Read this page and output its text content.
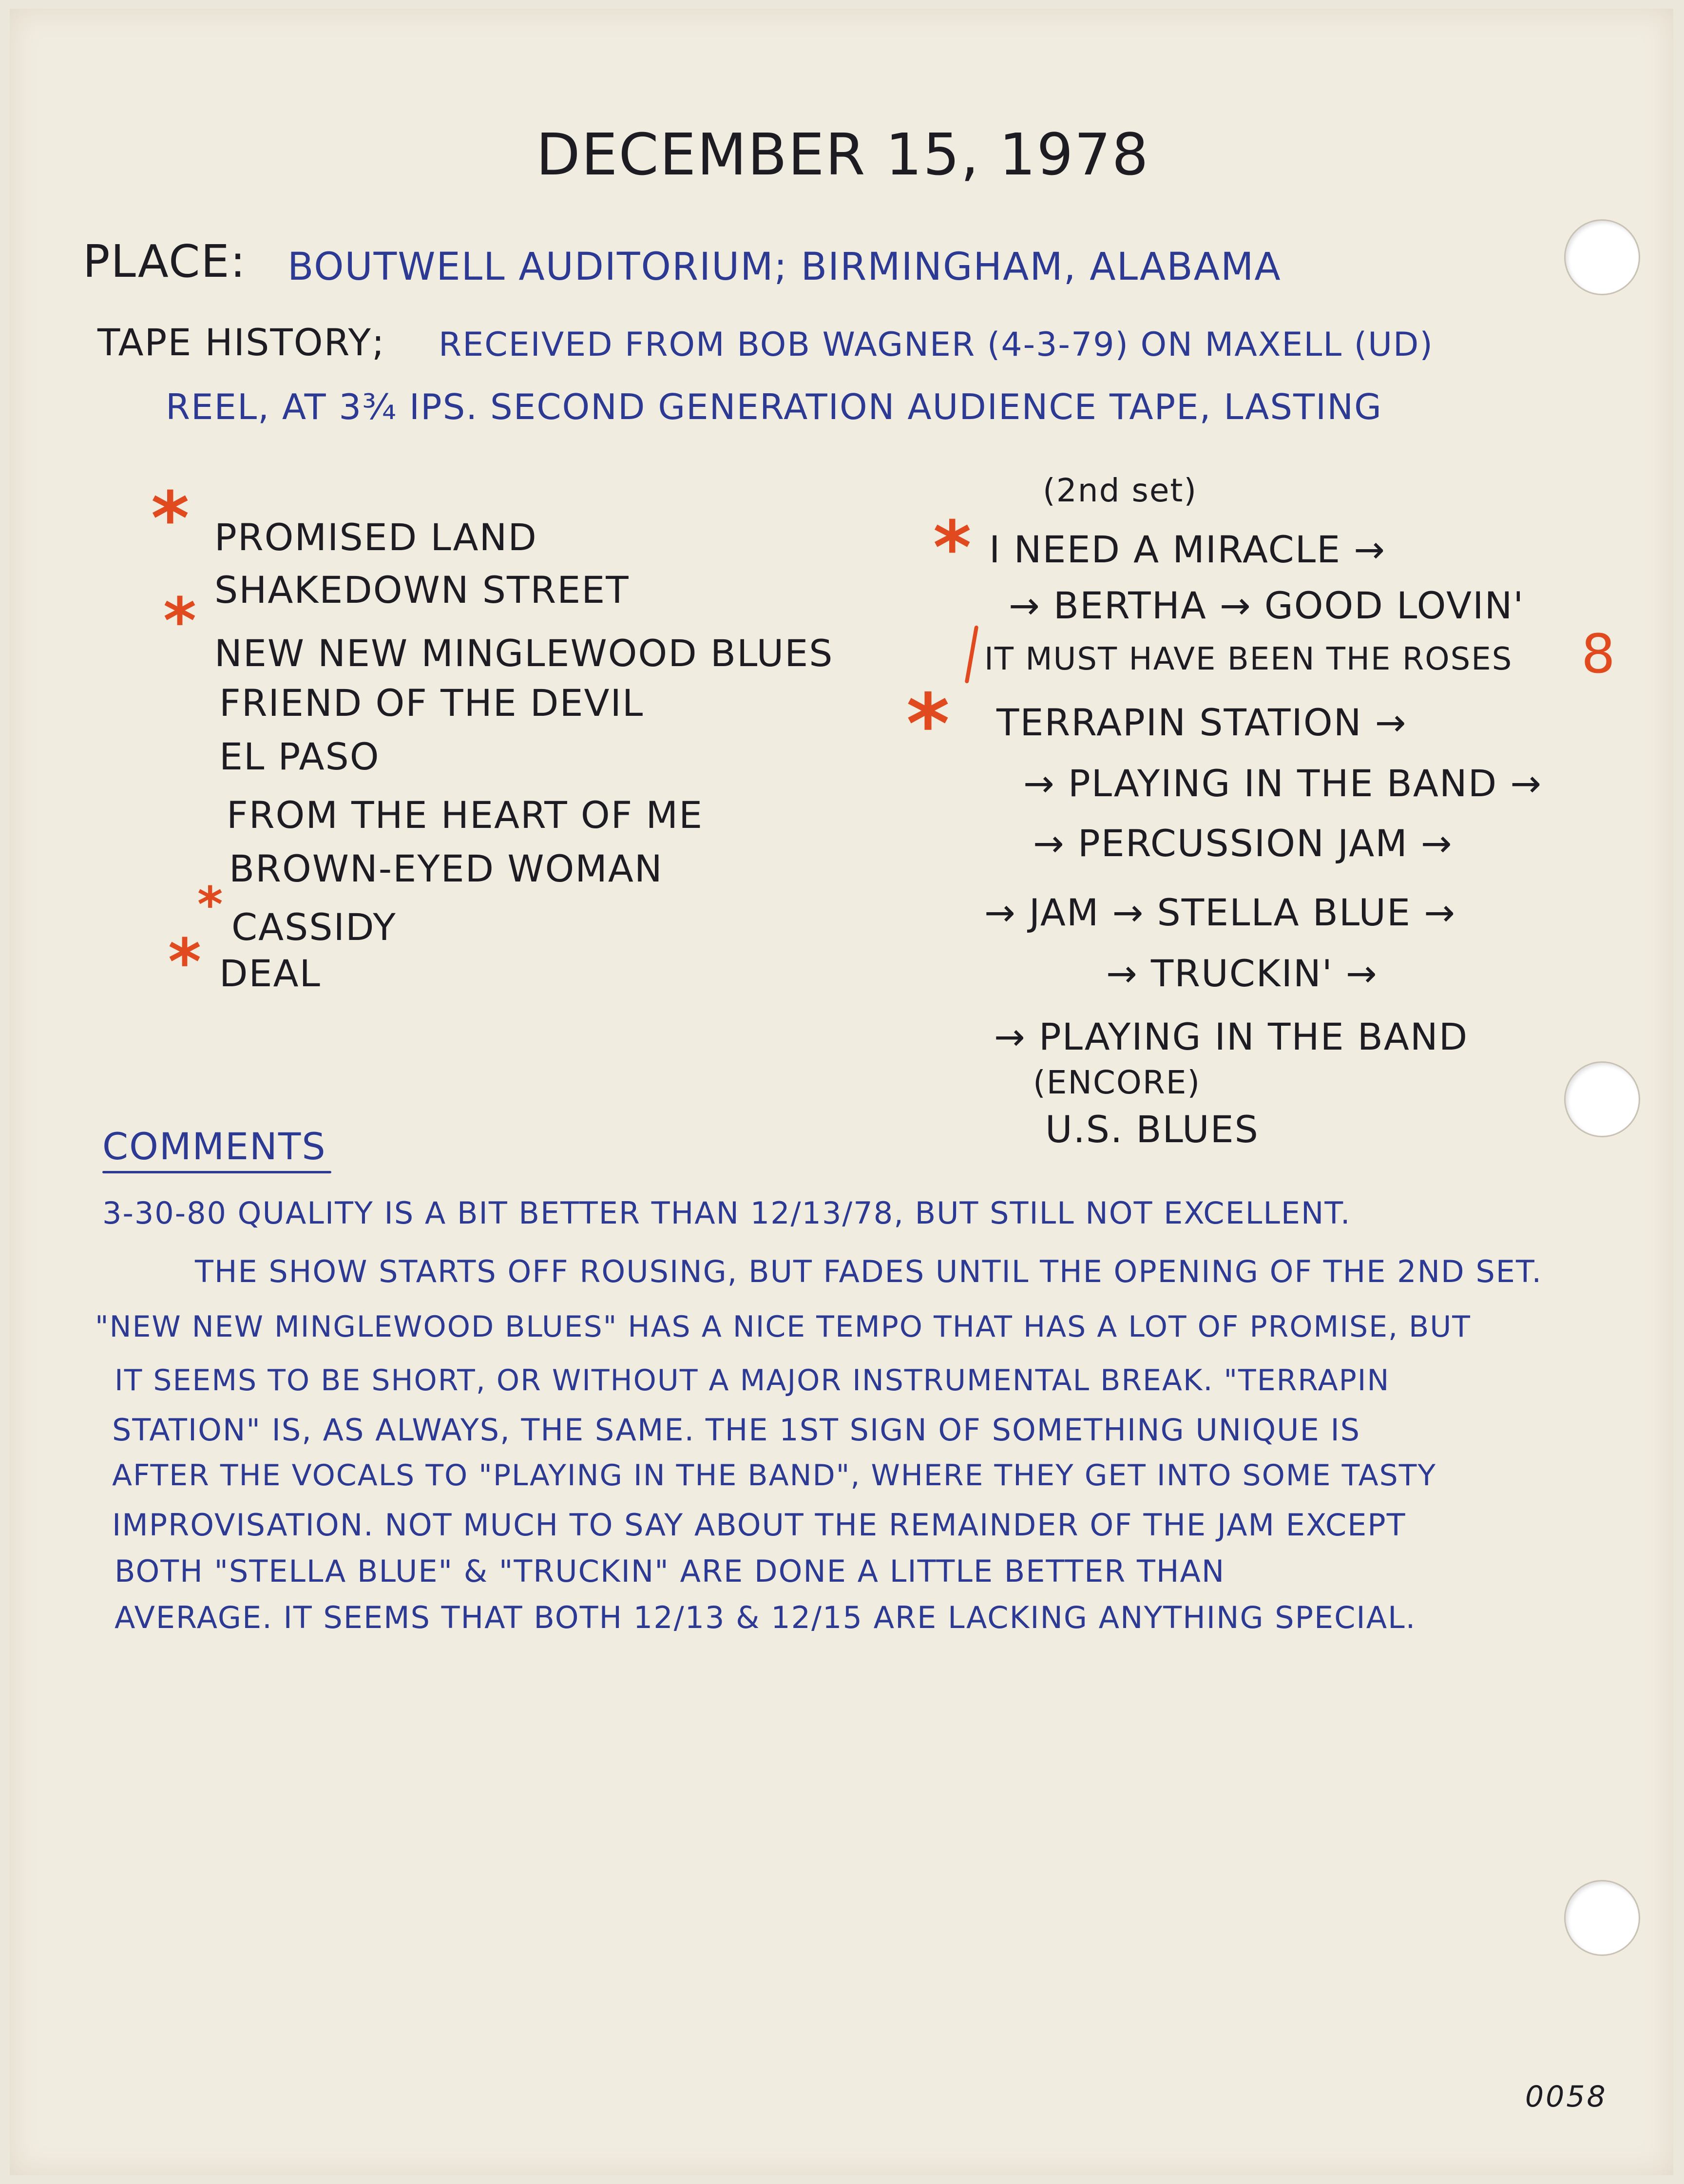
DECEMBER 15, 1978
PLACE: BOUTWELL AUDITORIUM; BIRMINGHAM, ALABAMA
TAPE HISTORY; RECEIVED FROM BOB WAGNER (4-3-79) ON MAXELL (UD)
REEL, AT 3¾ IPS. SECOND GENERATION AUDIENCE TAPE, LASTING
*
*
*
*
PROMISED LAND
SHAKEDOWN STREET
NEW NEW MINGLEWOOD BLUES
FRIEND OF THE DEVIL
EL PASO
FROM THE HEART OF ME
BROWN-EYED WOMAN
CASSIDY
DEAL
(2nd set)
*
*
I NEED A MIRACLE →
→ BERTHA → GOOD LOVIN'
IT MUST HAVE BEEN THE ROSES 8
TERRAPIN STATION →
→ PLAYING IN THE BAND →
→ PERCUSSION JAM →
→ JAM → STELLA BLUE →
→ TRUCKIN' →
→ PLAYING IN THE BAND
(ENCORE)
U.S. BLUES
COMMENTS
3-30-80 QUALITY IS A BIT BETTER THAN 12/13/78, BUT STILL NOT EXCELLENT.
THE SHOW STARTS OFF ROUSING, BUT FADES UNTIL THE OPENING OF THE 2ND SET.
"NEW NEW MINGLEWOOD BLUES" HAS A NICE TEMPO THAT HAS A LOT OF PROMISE, BUT
IT SEEMS TO BE SHORT, OR WITHOUT A MAJOR INSTRUMENTAL BREAK. "TERRAPIN
STATION" IS, AS ALWAYS, THE SAME. THE 1ST SIGN OF SOMETHING UNIQUE IS
AFTER THE VOCALS TO "PLAYING IN THE BAND", WHERE THEY GET INTO SOME TASTY
IMPROVISATION. NOT MUCH TO SAY ABOUT THE REMAINDER OF THE JAM EXCEPT
BOTH "STELLA BLUE" & "TRUCKIN" ARE DONE A LITTLE BETTER THAN
AVERAGE. IT SEEMS THAT BOTH 12/13 & 12/15 ARE LACKING ANYTHING SPECIAL.
0058
